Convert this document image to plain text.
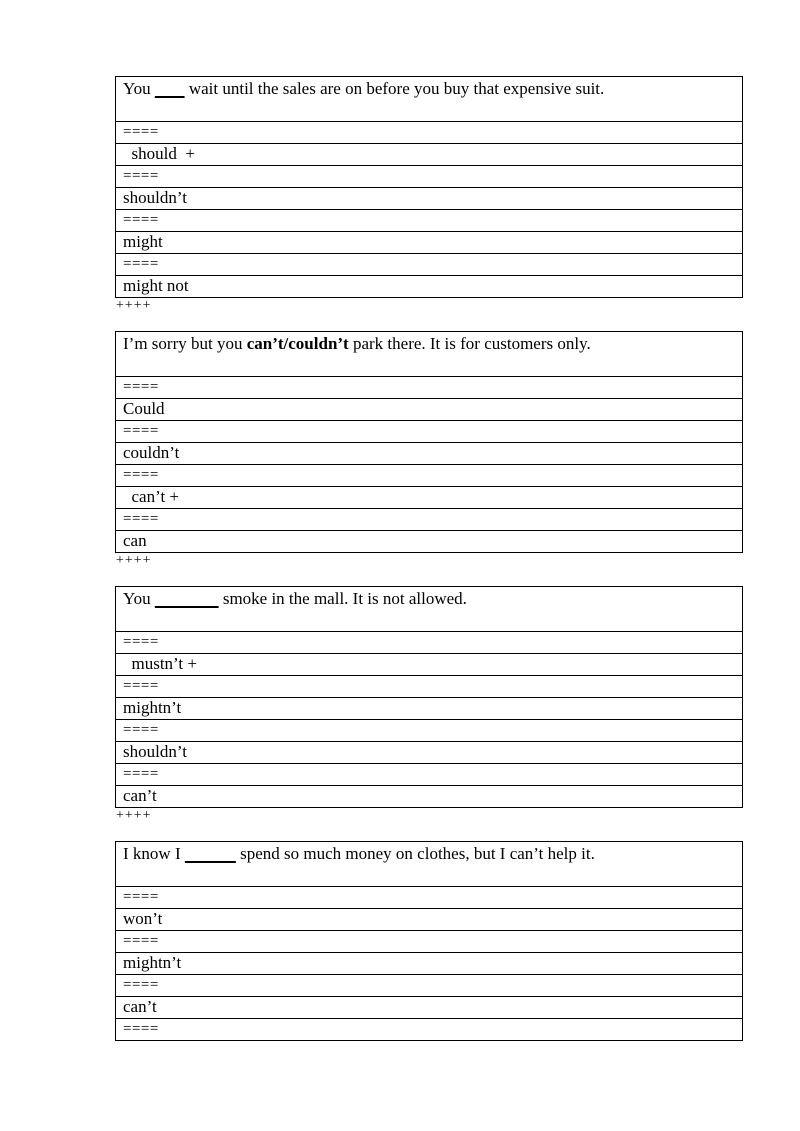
You         wait until the sales are on before you buy that expensive suit.
====
should  +
====
shouldn’t
====
might
====
might not
++++
I’m sorry but you can’t/couldn’t park there. It is for customers only.
====
Could
====
couldn’t
====
can’t +
====
can
++++
You	smoke in the mall. It is not allowed.
====
mustn’t +
====
mightn’t
====
shouldn’t
====
can’t
++++
I know I	spend so much money on clothes, but I can’t help it.
====
won’t
====
mightn’t
====
can’t
====
